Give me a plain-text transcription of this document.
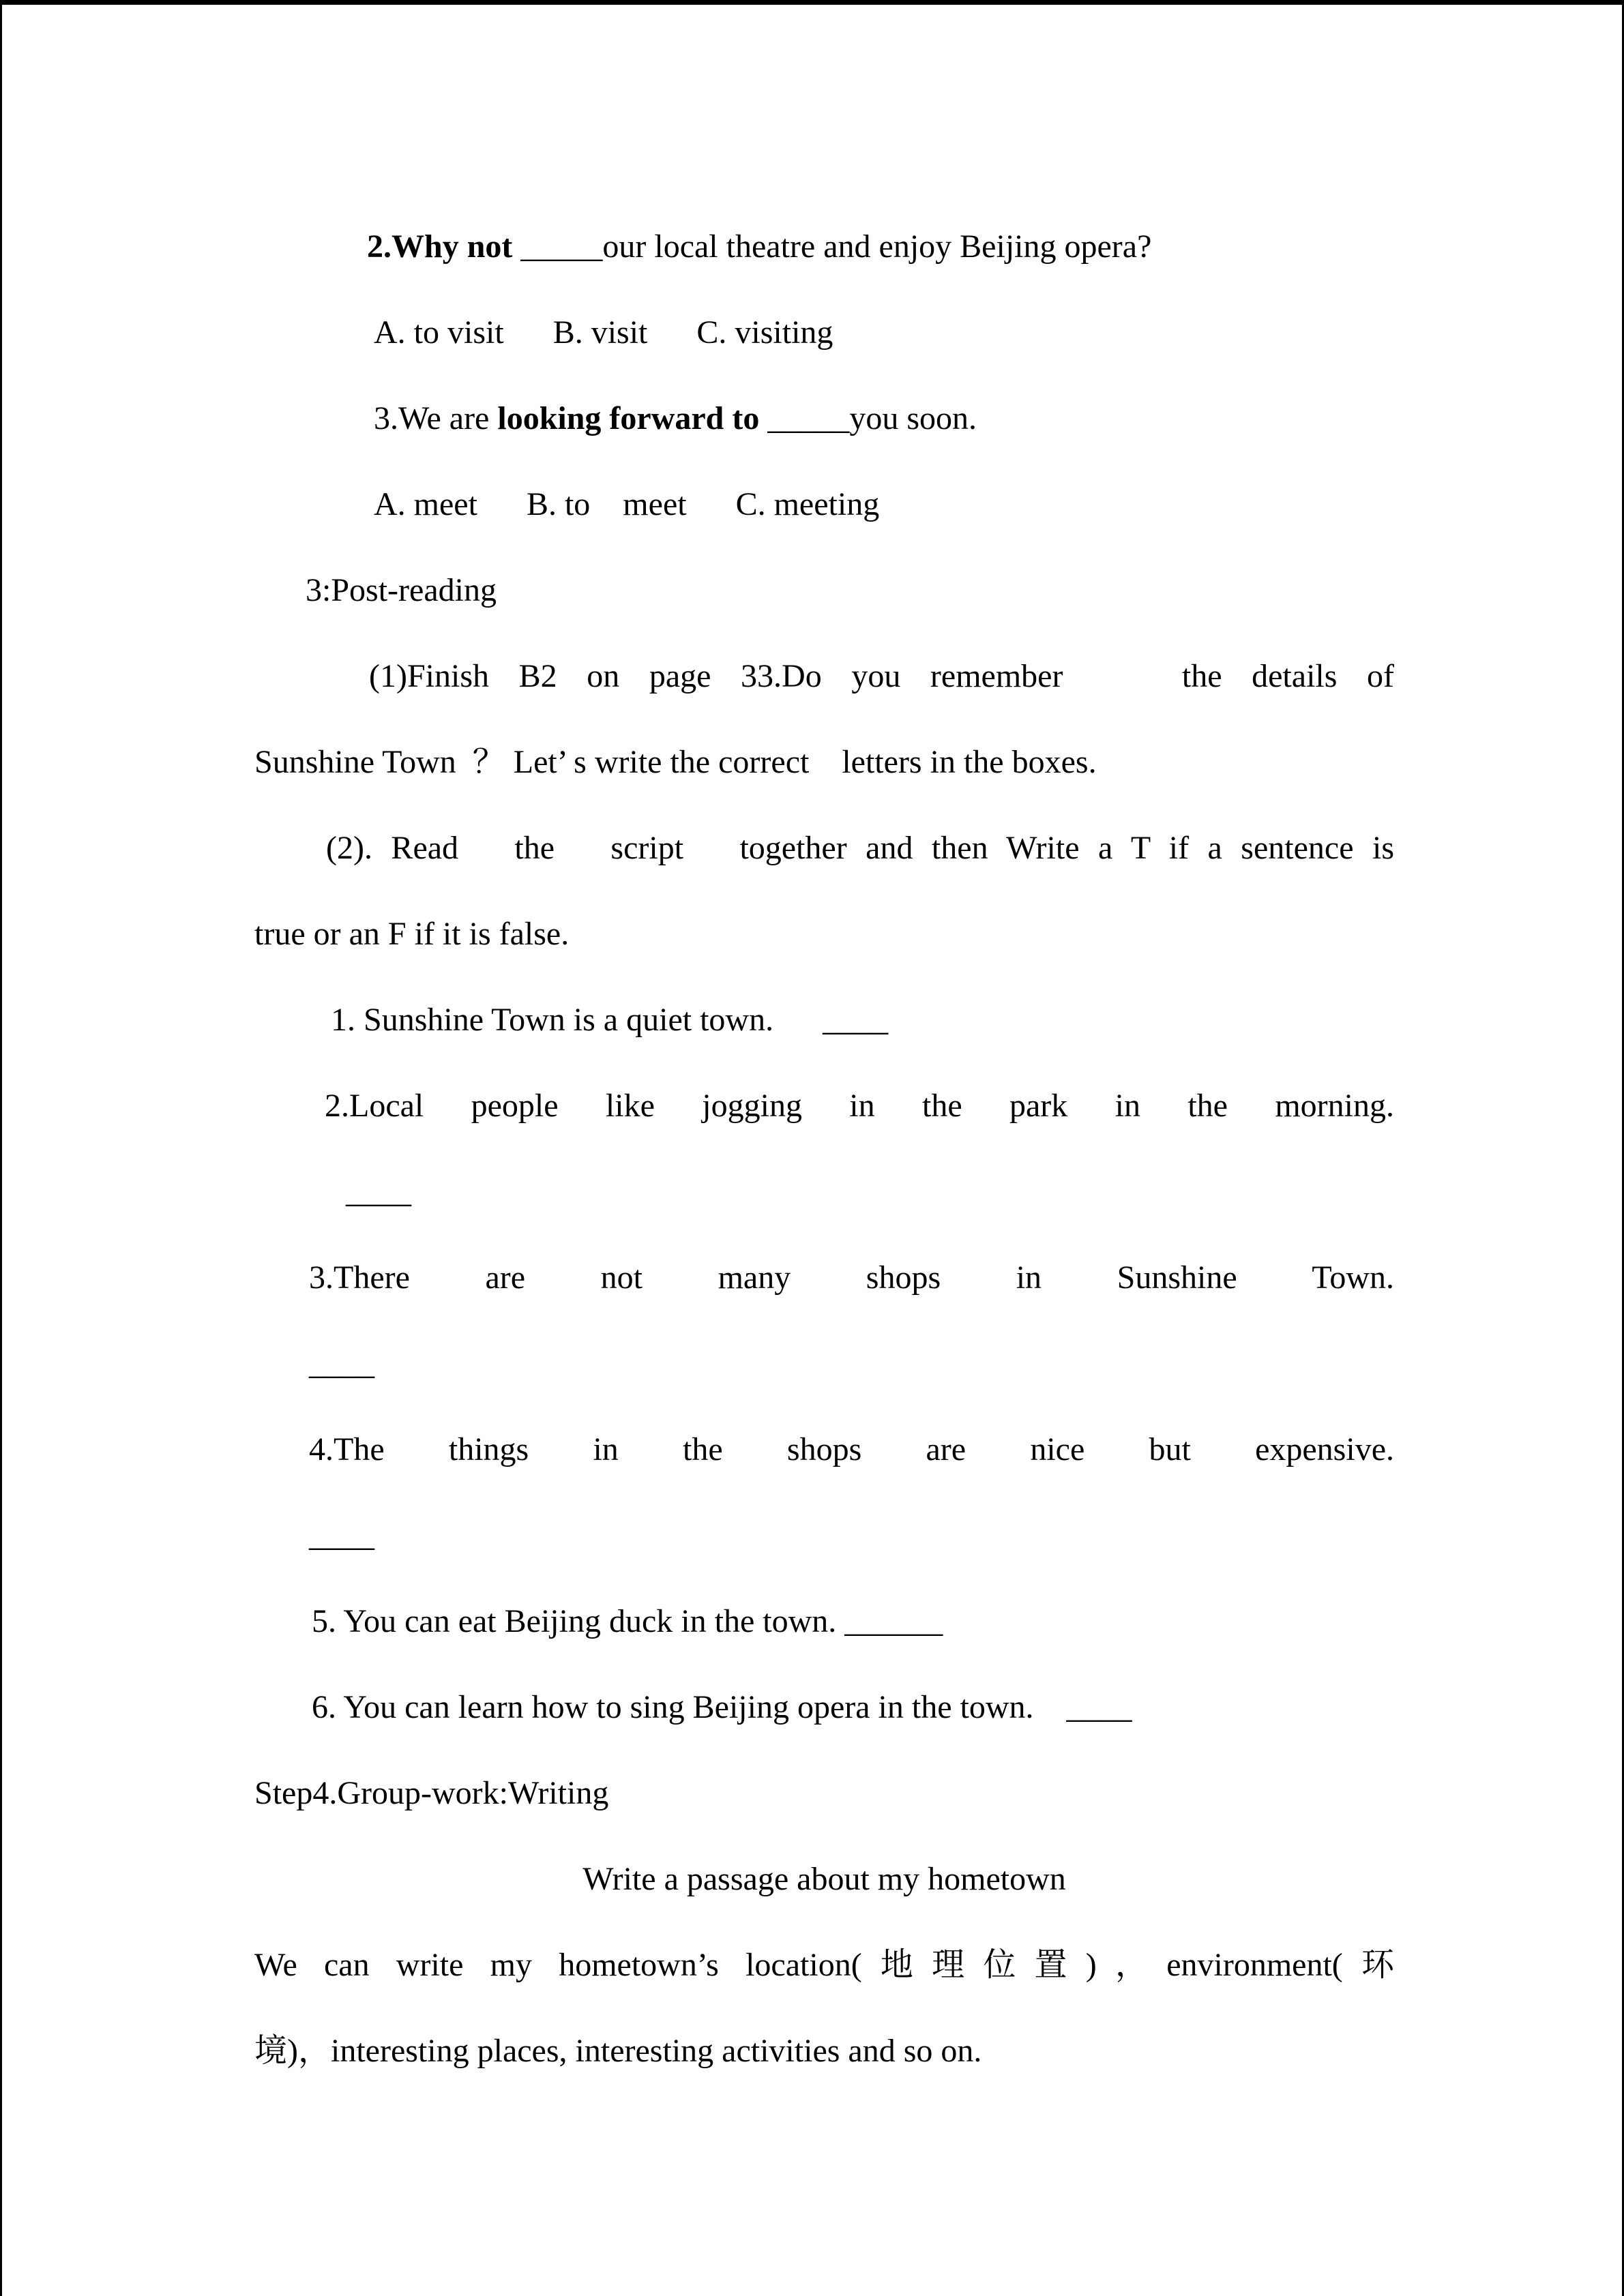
2.Why not _____our local theatre and enjoy Beijing opera?
A. to visit      B. visit      C. visiting
3.We are looking forward to _____you soon.
A. meet      B. to    meet      C. meeting
3:Post-reading
(1)Finish B2 on page 33.Do you remember    the details of
Sunshine Town  ？ Let’ s write the correct    letters in the boxes.
(2). Read   the   script   together and then Write a T if a sentence is
true or an F if it is false.
1. Sunshine Town is a quiet town.      ____
2.Local people like jogging in the park in the morning.
____
3.There are not many shops in Sunshine Town.
____
4.The things in the shops are nice but expensive.
____
5. You can eat Beijing duck in the town. ______
6. You can learn how to sing Beijing opera in the town.    ____
Step4.Group-work:Writing
Write a passage about my hometown
We can write my hometown’s location(地理位置)，environment(环
境)，interesting places, interesting activities and so on.
